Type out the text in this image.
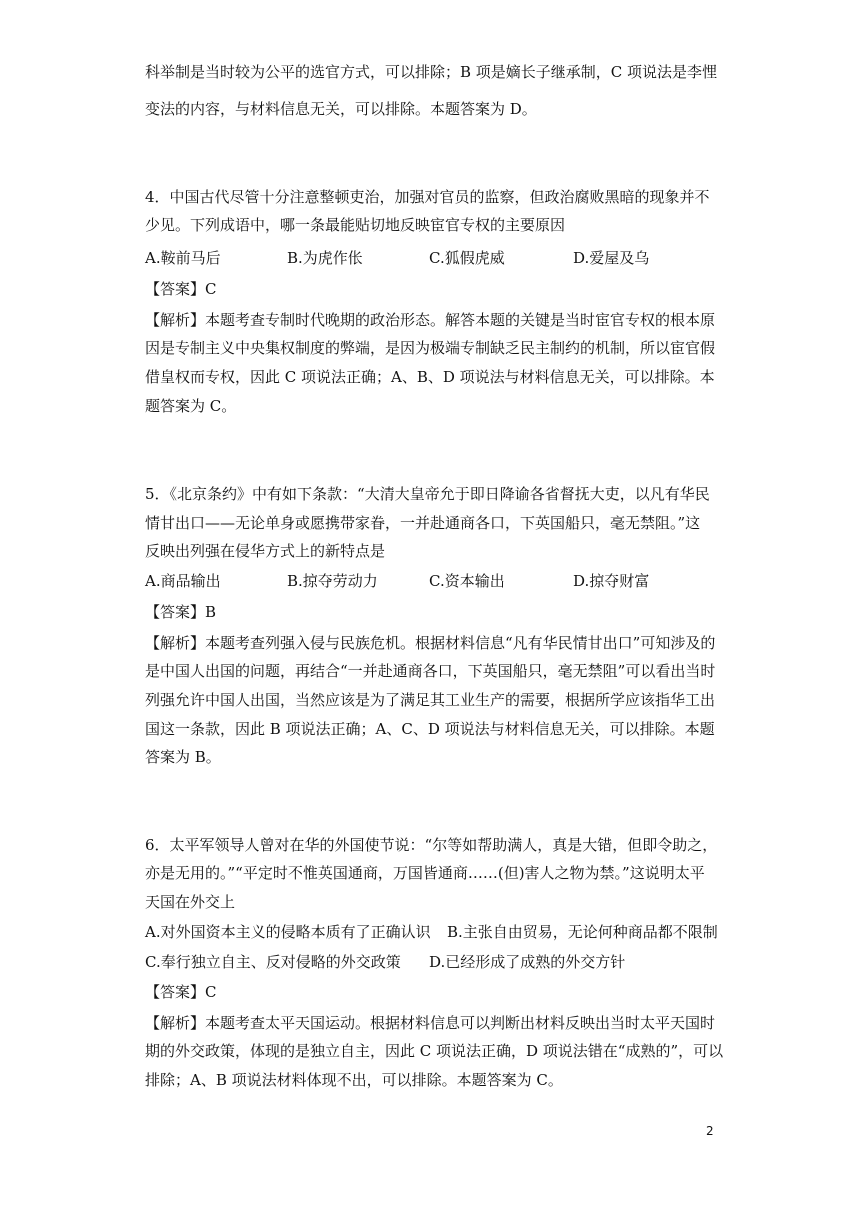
科举制是当时较为公平的选官方式，可以排除；B 项是嫡长子继承制，C 项说法是李悝
变法的内容，与材料信息无关，可以排除。本题答案为 D。
4．中国古代尽管十分注意整顿吏治，加强对官员的监察，但政治腐败黑暗的现象并不
少见。下列成语中，哪一条最能贴切地反映宦官专权的主要原因
A.鞍前马后	B.为虎作伥	C.狐假虎威	D.爱屋及乌
【答案】C
【解析】本题考查专制时代晚期的政治形态。解答本题的关键是当时宦官专权的根本原
因是专制主义中央集权制度的弊端，是因为极端专制缺乏民主制约的机制，所以宦官假
借皇权而专权，因此 C 项说法正确；A、B、D 项说法与材料信息无关，可以排除。本
题答案为 C。
5．《北京条约》中有如下条款：“大清大皇帝允于即日降谕各省督抚大吏，以凡有华民
情甘出口——无论单身或愿携带家眷，一并赴通商各口，下英国船只，毫无禁阻。”这
反映出列强在侵华方式上的新特点是
A.商品输出	B.掠夺劳动力	C.资本输出	D.掠夺财富
【答案】B
【解析】本题考查列强入侵与民族危机。根据材料信息“凡有华民情甘出口”可知涉及的
是中国人出国的问题，再结合“一并赴通商各口，下英国船只，毫无禁阻”可以看出当时
列强允许中国人出国，当然应该是为了满足其工业生产的需要，根据所学应该指华工出
国这一条款，因此 B 项说法正确；A、C、D 项说法与材料信息无关，可以排除。本题
答案为 B。
6．太平军领导人曾对在华的外国使节说：“尔等如帮助满人，真是大错，但即令助之，
亦是无用的。”“平定时不惟英国通商，万国皆通商……(但)害人之物为禁。”这说明太平
天国在外交上
A.对外国资本主义的侵略本质有了正确认识 B.主张自由贸易，无论何种商品都不限制
C.奉行独立自主、反对侵略的外交政策 D.已经形成了成熟的外交方针
【答案】C
【解析】本题考查太平天国运动。根据材料信息可以判断出材料反映出当时太平天国时
期的外交政策，体现的是独立自主，因此 C 项说法正确，D 项说法错在“成熟的”，可以
排除；A、B 项说法材料体现不出，可以排除。本题答案为 C。
2
